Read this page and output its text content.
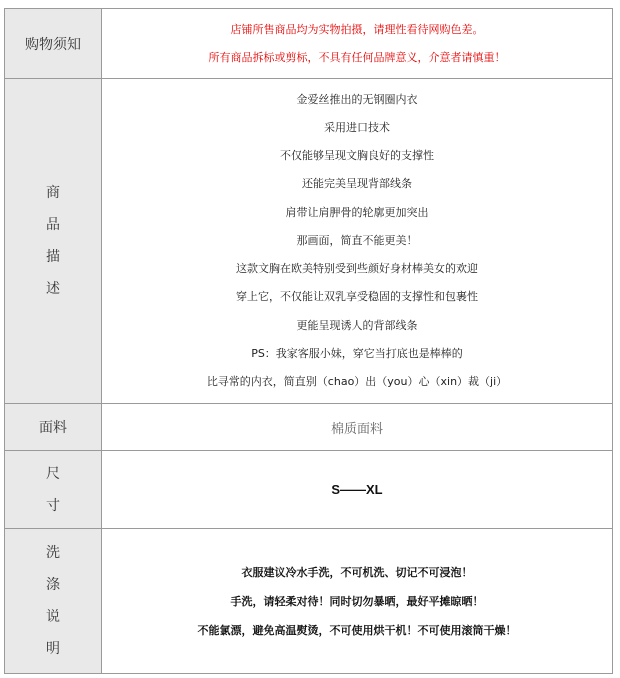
购物须知
店铺所售商品均为实物拍摄，请理性看待网购色差。
所有商品拆标或剪标，不具有任何品牌意义，介意者请慎重！
商
品
描
述
金爱丝推出的无钢圈内衣
采用进口技术
不仅能够呈现文胸良好的支撑性
还能完美呈现背部线条
肩带让肩胛骨的轮廓更加突出
那画面，简直不能更美！
这款文胸在欧美特别受到些颜好身材棒美女的欢迎
穿上它，不仅能让双乳享受稳固的支撑性和包裹性
更能呈现诱人的背部线条
PS：我家客服小妹，穿它当打底也是棒棒的
比寻常的内衣，简直别（chao）出（you）心（xin）裁（ji）
面料	棉质面料
尺
寸
S——XL
洗
涤
说
明
衣服建议冷水手洗，不可机洗、切记不可浸泡！
手洗，请轻柔对待！同时切勿暴晒，最好平摊晾晒！
不能氯漂，避免高温熨烫，不可使用烘干机！不可使用滚筒干燥！
